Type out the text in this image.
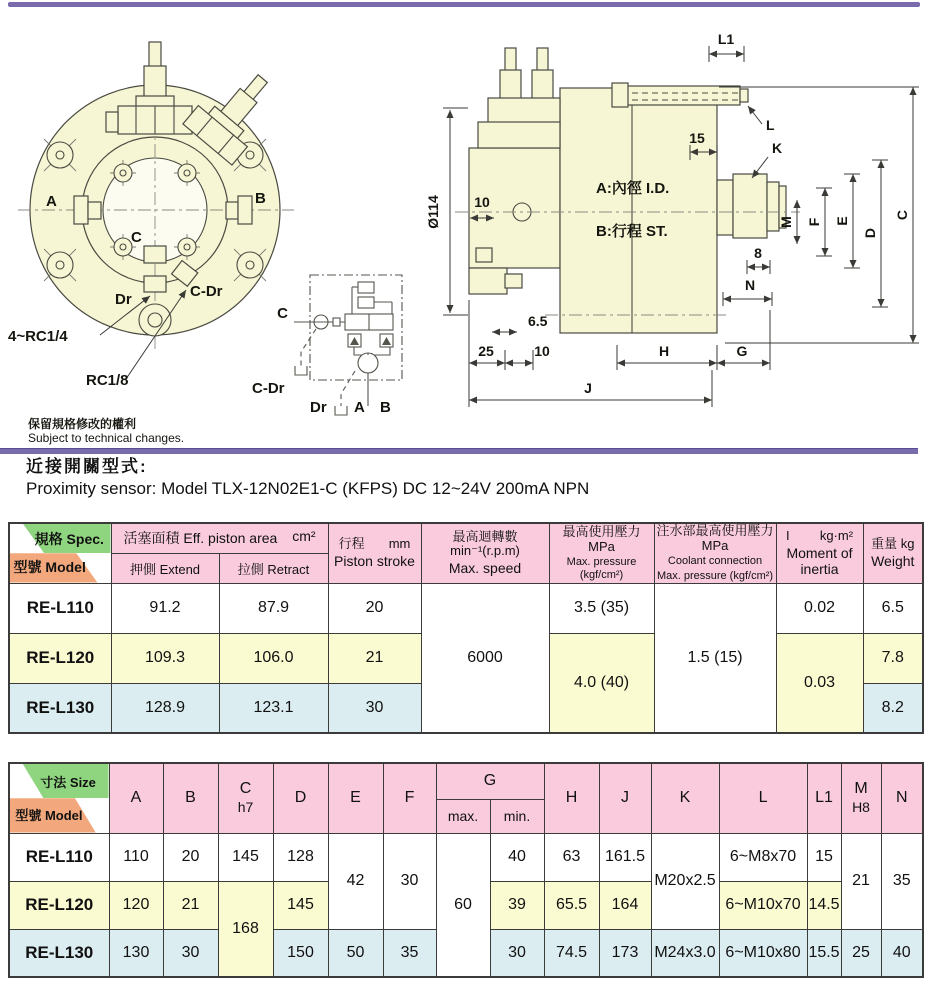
A	B
C
Dr	C-Dr
4~RC1/4
RC1/8
C
C-Dr
Dr A B
Ø114 10
L1
L
15
K
A:內徑 I.D.
B:行程 ST.
M F E
D
C
8
N
6.5
25	10	H	G
J
保留規格修改的權利
Subject to technical changes.
近接開關型式:
Proximity sensor: Model TLX-12N02E1-C (KFPS) DC 12~24V 200mA NPN
規格 Spec.
型號 Model

活塞面積 Eff. piston area cm²	行程 mm
Piston stroke

最高迴轉數 min⁻¹(r.p.m)
Max. speed

最高使用壓力MPa
Max. pressure (kgf/cm²)

注水部最高使用壓力 MPa
Coolant connection
Max. pressure (kgf/cm²)

I kg·m²
Moment of inertia

重量 kg
Weight

	押側 Extend	拉側 Retract						
RE-L110	91.2	87.9	20	6000	3.5 (35)	1.5 (15)	0.02	6.5
RE-L120	109.3	106.0	21		4.0 (40)		0.03	7.8
RE-L130	128.9	123.1	30					8.2
寸法 Size
型號 Model
	A	B	
C
h7
	D	E	F	G	H	J	K	L	L1	
M
H8
	N
							max.	min.							
RE-L110	110	20	145	128	42	30	60	40	63	161.5	M20x2.5	6~M8x70	15	21	35
RE-L120	120	21	168	145				39	65.5	164		6~M10x70	14.5		
RE-L130	130	30		150	50	35		30	74.5	173	M24x3.0	6~M10x80	15.5	25	40
